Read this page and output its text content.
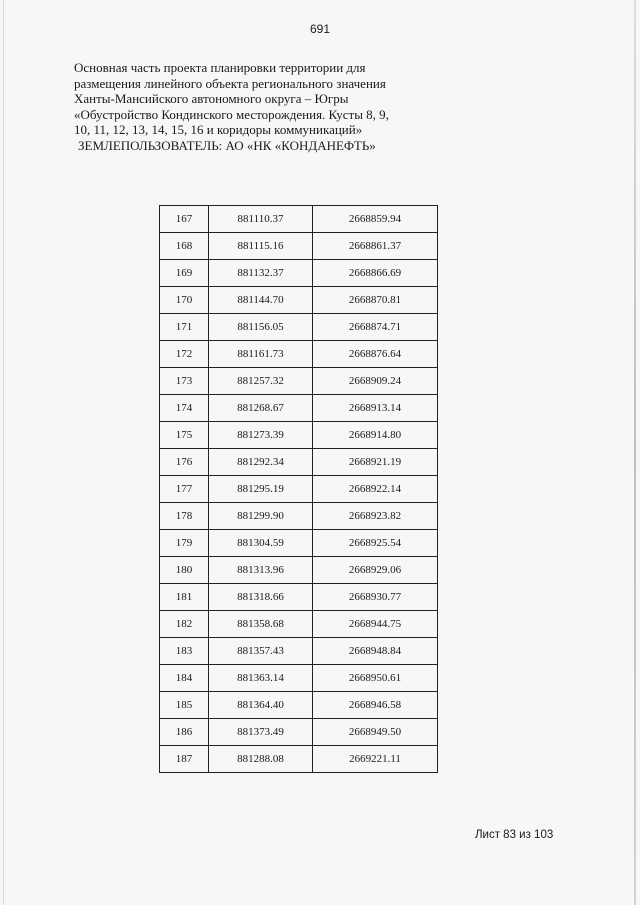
691
Основная часть проекта планировки территории для
размещения линейного объекта регионального значения
Ханты-Мансийского автономного округа – Югры
«Обустройство Кондинского месторождения. Кусты 8, 9,
10, 11, 12, 13, 14, 15, 16 и коридоры коммуникаций»
ЗЕМЛЕПОЛЬЗОВАТЕЛЬ: АО «НК «КОНДАНЕФТЬ»
167	881110.37	2668859.94
168	881115.16	2668861.37
169	881132.37	2668866.69
170	881144.70	2668870.81
171	881156.05	2668874.71
172	881161.73	2668876.64
173	881257.32	2668909.24
174	881268.67	2668913.14
175	881273.39	2668914.80
176	881292.34	2668921.19
177	881295.19	2668922.14
178	881299.90	2668923.82
179	881304.59	2668925.54
180	881313.96	2668929.06
181	881318.66	2668930.77
182	881358.68	2668944.75
183	881357.43	2668948.84
184	881363.14	2668950.61
185	881364.40	2668946.58
186	881373.49	2668949.50
187	881288.08	2669221.11
Лист 83 из 103
